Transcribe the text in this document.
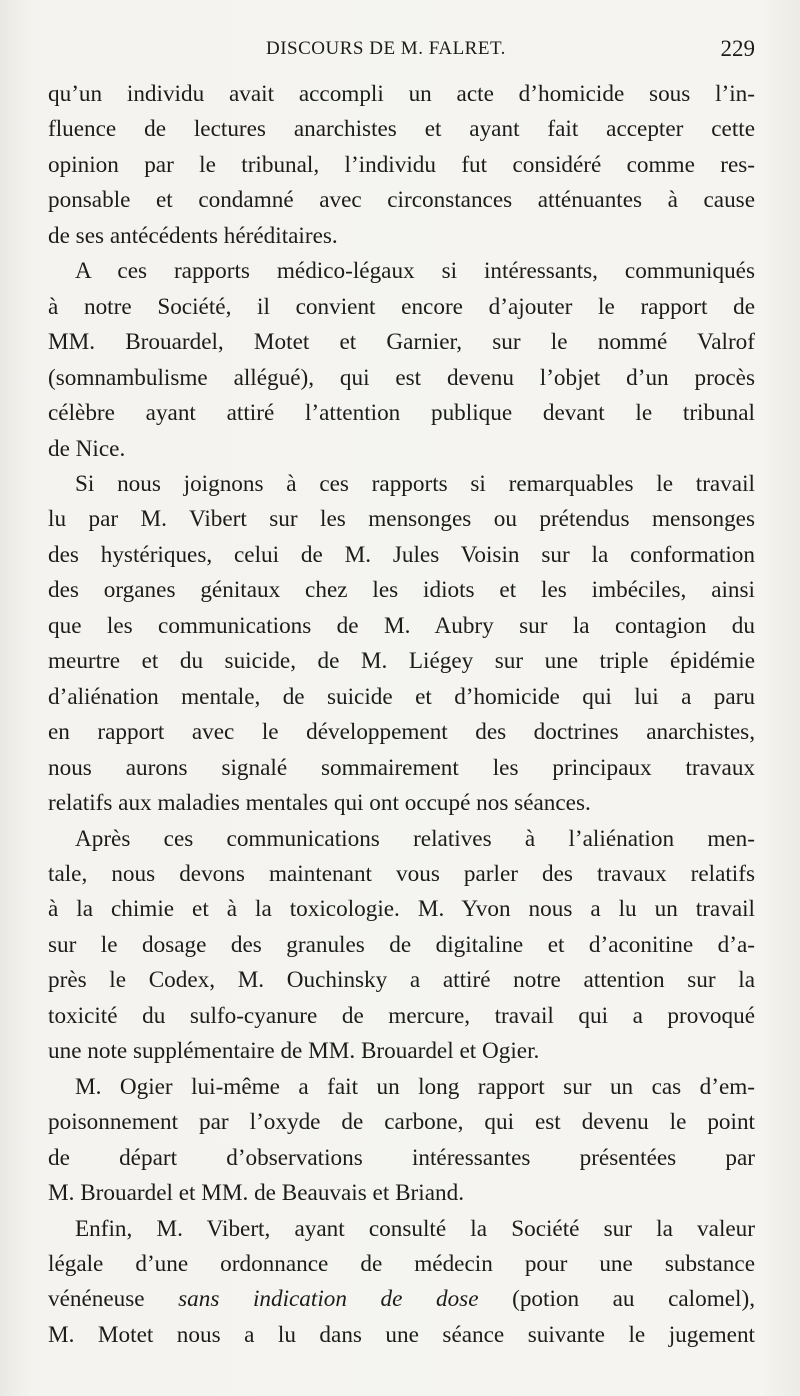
DISCOURS DE M. FALRET.	229

qu’un individu avait accompli un acte d’homicide sous l’in-
fluence de lectures anarchistes et ayant fait accepter cette
opinion par le tribunal, l’individu fut considéré comme res-
ponsable et condamné avec circonstances atténuantes à cause
de ses antécédents héréditaires.

A ces rapports médico-légaux si intéressants, communiqués
à notre Société, il convient encore d’ajouter le rapport de
MM. Brouardel, Motet et Garnier, sur le nommé Valrof
(somnambulisme allégué), qui est devenu l’objet d’un procès
célèbre ayant attiré l’attention publique devant le tribunal
de Nice.

Si nous joignons à ces rapports si remarquables le travail
lu par M. Vibert sur les mensonges ou prétendus mensonges
des hystériques, celui de M. Jules Voisin sur la conformation
des organes génitaux chez les idiots et les imbéciles, ainsi
que les communications de M. Aubry sur la contagion du
meurtre et du suicide, de M. Liégey sur une triple épidémie
d’aliénation mentale, de suicide et d’homicide qui lui a paru
en rapport avec le développement des doctrines anarchistes,
nous aurons signalé sommairement les principaux travaux
relatifs aux maladies mentales qui ont occupé nos séances.

Après ces communications relatives à l’aliénation men-
tale, nous devons maintenant vous parler des travaux relatifs
à la chimie et à la toxicologie. M. Yvon nous a lu un travail
sur le dosage des granules de digitaline et d’aconitine d’a-
près le Codex, M. Ouchinsky a attiré notre attention sur la
toxicité du sulfo-cyanure de mercure, travail qui a provoqué
une note supplémentaire de MM. Brouardel et Ogier.

M. Ogier lui-même a fait un long rapport sur un cas d’em-
poisonnement par l’oxyde de carbone, qui est devenu le point
de départ d’observations intéressantes présentées par
M. Brouardel et MM. de Beauvais et Briand.

Enfin, M. Vibert, ayant consulté la Société sur la valeur
légale d’une ordonnance de médecin pour une substance
vénéneuse sans indication de dose (potion au calomel),
M. Motet nous a lu dans une séance suivante le jugement
